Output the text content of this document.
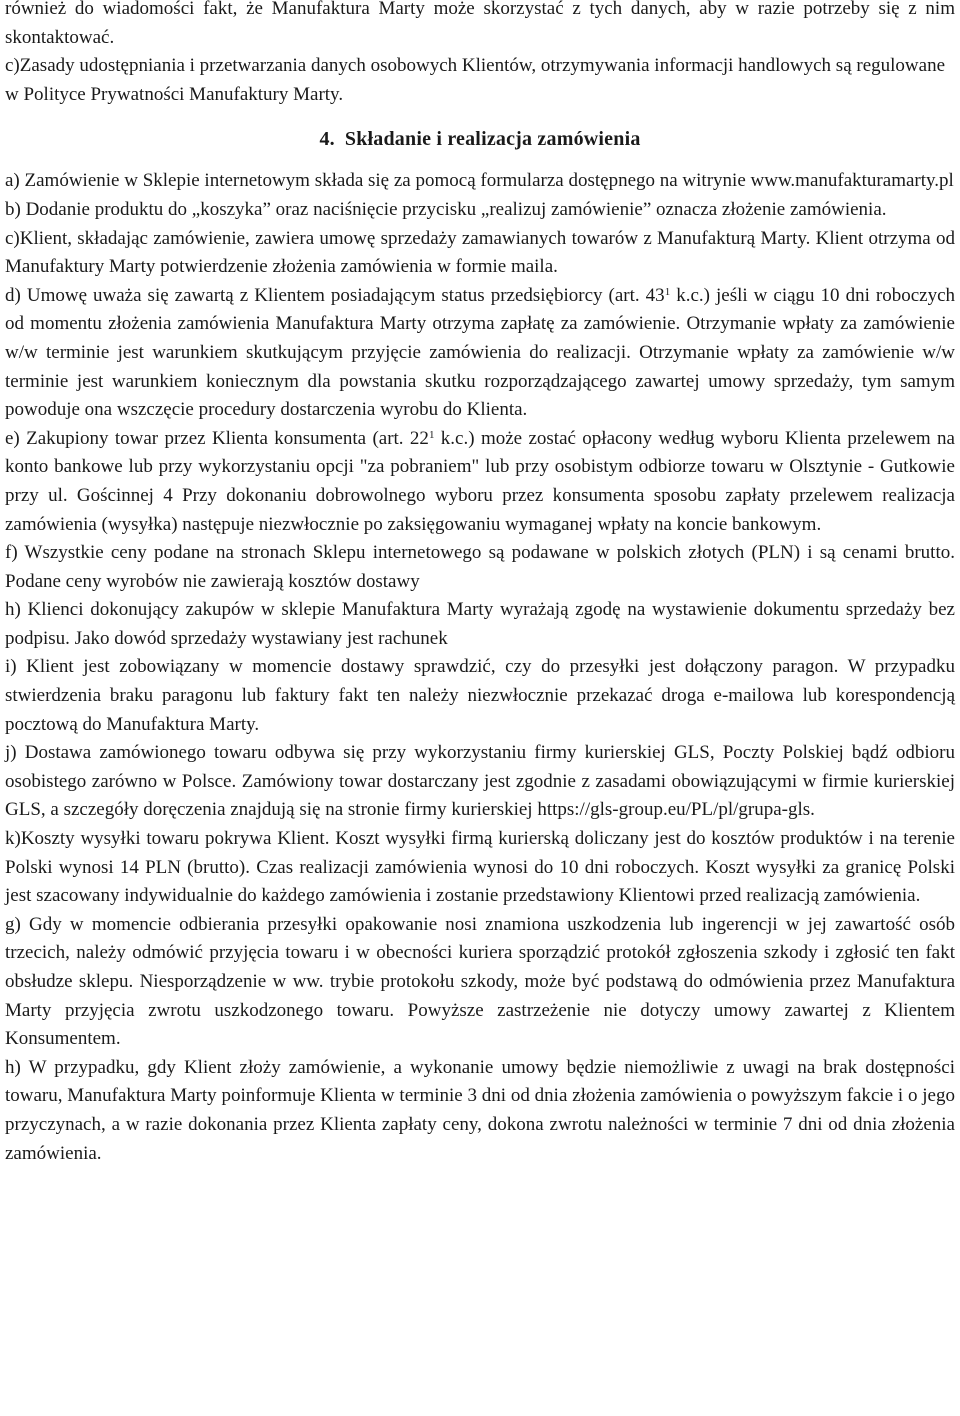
również do wiadomości fakt, że Manufaktura Marty może skorzystać z tych danych, aby w razie potrzeby się z nim skontaktować.

c)Zasady udostępniania i przetwarzania danych osobowych Klientów, otrzymywania informacji handlowych są regulowane w Polityce Prywatności Manufaktury Marty.

4. Składanie i realizacja zamówienia

a) Zamówienie w Sklepie internetowym składa się za pomocą formularza dostępnego na witrynie www.manufakturamarty.pl

b) Dodanie produktu do „koszyka” oraz naciśnięcie przycisku „realizuj zamówienie” oznacza złożenie zamówienia.

c)Klient, składając zamówienie, zawiera umowę sprzedaży zamawianych towarów z Manufakturą Marty. Klient otrzyma od Manufaktury Marty potwierdzenie złożenia zamówienia w formie maila.

d) Umowę uważa się zawartą z Klientem posiadającym status przedsiębiorcy (art. $43^1$ k.c.) jeśli w ciągu 10 dni roboczych od momentu złożenia zamówienia Manufaktura Marty otrzyma zapłatę za zamówienie. Otrzymanie wpłaty za zamówienie w/w terminie jest warunkiem skutkującym przyjęcie zamówienia do realizacji. Otrzymanie wpłaty za zamówienie w/w terminie jest warunkiem koniecznym dla powstania skutku rozporządzającego zawartej umowy sprzedaży, tym samym powoduje ona wszczęcie procedury dostarczenia wyrobu do Klienta.

e) Zakupiony towar przez Klienta konsumenta (art. $22^1$ k.c.) może zostać opłacony według wyboru Klienta przelewem na konto bankowe lub przy wykorzystaniu opcji "za pobraniem" lub przy osobistym odbiorze towaru w Olsztynie - Gutkowie przy ul. Gościnnej 4 Przy dokonaniu dobrowolnego wyboru przez konsumenta sposobu zapłaty przelewem realizacja zamówienia (wysyłka) następuje niezwłocznie po zaksięgowaniu wymaganej wpłaty na koncie bankowym.

f) Wszystkie ceny podane na stronach Sklepu internetowego są podawane w polskich złotych (PLN) i są cenami brutto. Podane ceny wyrobów nie zawierają kosztów dostawy

h) Klienci dokonujący zakupów w sklepie Manufaktura Marty wyrażają zgodę na wystawienie dokumentu sprzedaży bez podpisu. Jako dowód sprzedaży wystawiany jest rachunek

i) Klient jest zobowiązany w momencie dostawy sprawdzić, czy do przesyłki jest dołączony paragon. W przypadku stwierdzenia braku paragonu lub faktury fakt ten należy niezwłocznie przekazać droga e-mailowa lub korespondencją pocztową do Manufaktura Marty.

j) Dostawa zamówionego towaru odbywa się przy wykorzystaniu firmy kurierskiej GLS, Poczty Polskiej bądź odbioru osobistego zarówno w Polsce. Zamówiony towar dostarczany jest zgodnie z zasadami obowiązującymi w firmie kurierskiej GLS, a szczegóły doręczenia znajdują się na stronie firmy kurierskiej https://gls-group.eu/PL/pl/grupa-gls.

k)Koszty wysyłki towaru pokrywa Klient. Koszt wysyłki firmą kurierską doliczany jest do kosztów produktów i na terenie Polski wynosi 14 PLN (brutto). Czas realizacji zamówienia wynosi do 10 dni roboczych. Koszt wysyłki za granicę Polski jest szacowany indywidualnie do każdego zamówienia i zostanie przedstawiony Klientowi przed realizacją zamówienia.

g) Gdy w momencie odbierania przesyłki opakowanie nosi znamiona uszkodzenia lub ingerencji w jej zawartość osób trzecich, należy odmówić przyjęcia towaru i w obecności kuriera sporządzić protokół zgłoszenia szkody i zgłosić ten fakt obsłudze sklepu. Niesporządzenie w ww. trybie protokołu szkody, może być podstawą do odmówienia przez Manufaktura Marty przyjęcia zwrotu uszkodzonego towaru. Powyższe zastrzeżenie nie dotyczy umowy zawartej z Klientem Konsumentem.

h) W przypadku, gdy Klient złoży zamówienie, a wykonanie umowy będzie niemożliwie z uwagi na brak dostępności towaru, Manufaktura Marty poinformuje Klienta w terminie 3 dni od dnia złożenia zamówienia o powyższym fakcie i o jego przyczynach, a w razie dokonania przez Klienta zapłaty ceny, dokona zwrotu należności w terminie 7 dni od dnia złożenia zamówienia.
